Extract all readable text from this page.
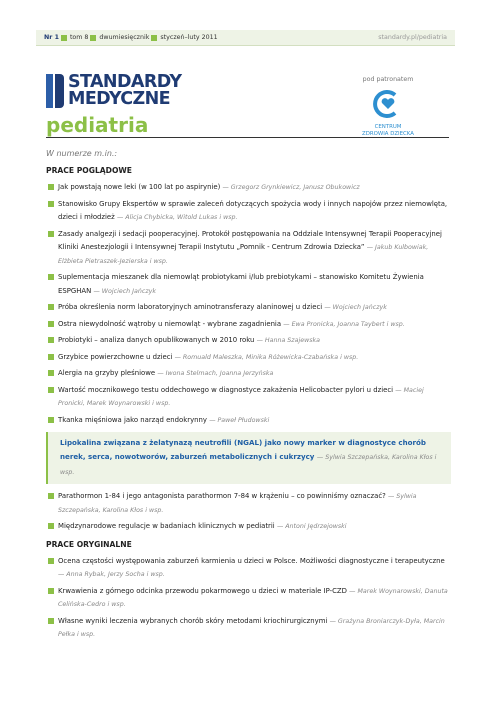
Nr 1 tom 8 dwumiesięcznik styczeń–luty 2011	standardy.pl/pediatria
STANDARDY
MEDYCZNE
pediatria
pod patronatem
CENTRUM
ZDROWIA DZIECKA
W numerze m.in.:
PRACE POGLĄDOWE
Jak powstają nowe leki (w 100 lat po aspirynie) — Grzegorz Grynkiewicz, Janusz Obukowicz
Stanowisko Grupy Ekspertów w sprawie zaleceń dotyczących spożycia wody i innych napojów przez niemowlęta, dzieci i młodzież — Alicja Chybicka, Witold Lukas i wsp.
Zasady analgezji i sedacji pooperacyjnej. Protokół postępowania na Oddziale Intensywnej Terapii Pooperacyjnej Kliniki Anestezjologii i Intensywnej Terapii Instytutu „Pomnik - Centrum Zdrowia Dziecka” — Jakub Kulbowiak, Elżbieta Pietraszek-Jezierska i wsp.
Suplementacja mieszanek dla niemowląt probiotykami i/lub prebiotykami – stanowisko Komitetu Żywienia ESPGHAN — Wojciech Jańczyk
Próba określenia norm laboratoryjnych aminotransferazy alaninowej u dzieci — Wojciech Jańczyk
Ostra niewydolność wątroby u niemowląt - wybrane zagadnienia — Ewa Pronicka, Joanna Taybert i wsp.
Probiotyki – analiza danych opublikowanych w 2010 roku — Hanna Szajewska
Grzybice powierzchowne u dzieci — Romuald Maleszka, Minika Różewicka-Czabańska i wsp.
Alergia na grzyby pleśniowe — Iwona Stelmach, Joanna Jerzyńska
Wartość mocznikowego testu oddechowego w diagnostyce zakażenia Helicobacter pylori u dzieci — Maciej Pronicki, Marek Woynarowski i wsp.
Tkanka mięśniowa jako narząd endokrynny — Paweł Płudowski
Lipokalina związana z żelatynazą neutrofili (NGAL) jako nowy marker w diagnostyce chorób nerek, serca, nowotworów, zaburzeń metabolicznych i cukrzycy — Sylwia Szczepańska, Karolina Kłos i wsp.
Parathormon 1-84 i jego antagonista parathormon 7-84 w krążeniu – co powinniśmy oznaczać? — Sylwia Szczepańska, Karolina Kłos i wsp.
Międzynarodowe regulacje w badaniach klinicznych w pediatrii — Antoni Jędrzejowski
PRACE ORYGINALNE
Ocena częstości występowania zaburzeń karmienia u dzieci w Polsce. Możliwości diagnostyczne i terapeutyczne — Anna Rybak, Jerzy Socha i wsp.
Krwawienia z górnego odcinka przewodu pokarmowego u dzieci w materiale IP-CZD — Marek Woynarowski, Danuta Celińska-Cedro i wsp.
Własne wyniki leczenia wybranych chorób skóry metodami kriochirurgicznymi — Grażyna Broniarczyk-Dyła, Marcin Pełka i wsp.
